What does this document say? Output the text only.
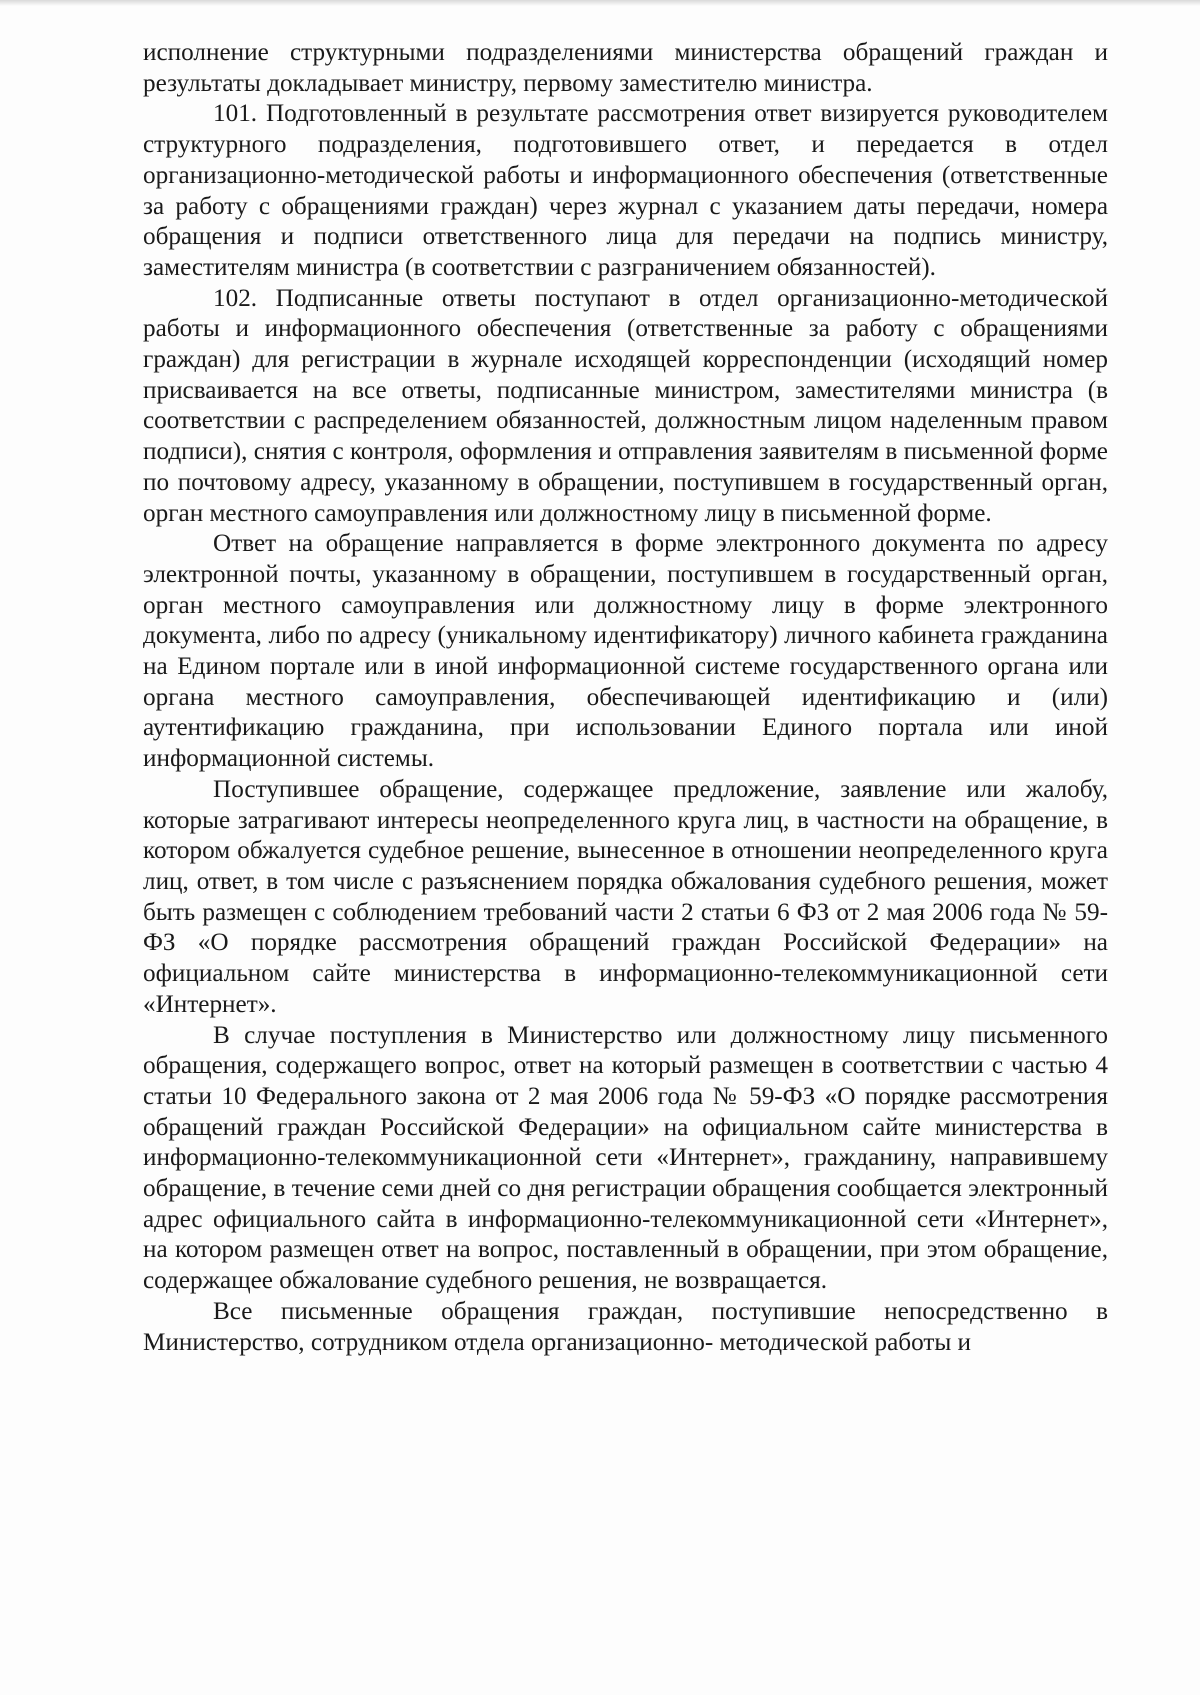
исполнение структурными подразделениями министерства обращений граждан и результаты докладывает министру, первому заместителю министра.

101. Подготовленный в результате рассмотрения ответ визируется руководителем структурного подразделения, подготовившего ответ, и передается в отдел организационно-методической работы и информационного обеспечения (ответственные за работу с обращениями граждан) через журнал с указанием даты передачи, номера обращения и подписи ответственного лица для передачи на подпись министру, заместителям министра (в соответствии с разграничением обязанностей).

102. Подписанные ответы поступают в отдел организационно-методической работы и информационного обеспечения (ответственные за работу с обращениями граждан) для регистрации в журнале исходящей корреспонденции (исходящий номер присваивается на все ответы, подписанные министром, заместителями министра (в соответствии с распределением обязанностей, должностным лицом наделенным правом подписи), снятия с контроля, оформления и отправления заявителям в письменной форме по почтовому адресу, указанному в обращении, поступившем в государственный орган, орган местного самоуправления или должностному лицу в письменной форме.

Ответ на обращение направляется в форме электронного документа по адресу электронной почты, указанному в обращении, поступившем в государственный орган, орган местного самоуправления или должностному лицу в форме электронного документа, либо по адресу (уникальному идентификатору) личного кабинета гражданина на Едином портале или в иной информационной системе государственного органа или органа местного самоуправления, обеспечивающей идентификацию и (или) аутентификацию гражданина, при использовании Единого портала или иной информационной системы.

Поступившее обращение, содержащее предложение, заявление или жалобу, которые затрагивают интересы неопределенного круга лиц, в частности на обращение, в котором обжалуется судебное решение, вынесенное в отношении неопределенного круга лиц, ответ, в том числе с разъяснением порядка обжалования судебного решения, может быть размещен с соблюдением требований части 2 статьи 6 ФЗ от 2 мая 2006 года № 59-ФЗ «О порядке рассмотрения обращений граждан Российской Федерации» на официальном сайте министерства в информационно-телекоммуникационной сети «Интернет».

В случае поступления в Министерство или должностному лицу письменного обращения, содержащего вопрос, ответ на который размещен в соответствии с частью 4 статьи 10 Федерального закона от 2 мая 2006 года № 59-ФЗ «О порядке рассмотрения обращений граждан Российской Федерации» на официальном сайте министерства в информационно-телекоммуникационной сети «Интернет», гражданину, направившему обращение, в течение семи дней со дня регистрации обращения сообщается электронный адрес официального сайта в информационно-телекоммуникационной сети «Интернет», на котором размещен ответ на вопрос, поставленный в обращении, при этом обращение, содержащее обжалование судебного решения, не возвращается.

Все письменные обращения граждан, поступившие непосредственно в Министерство, сотрудником отдела организационно- методической работы и
